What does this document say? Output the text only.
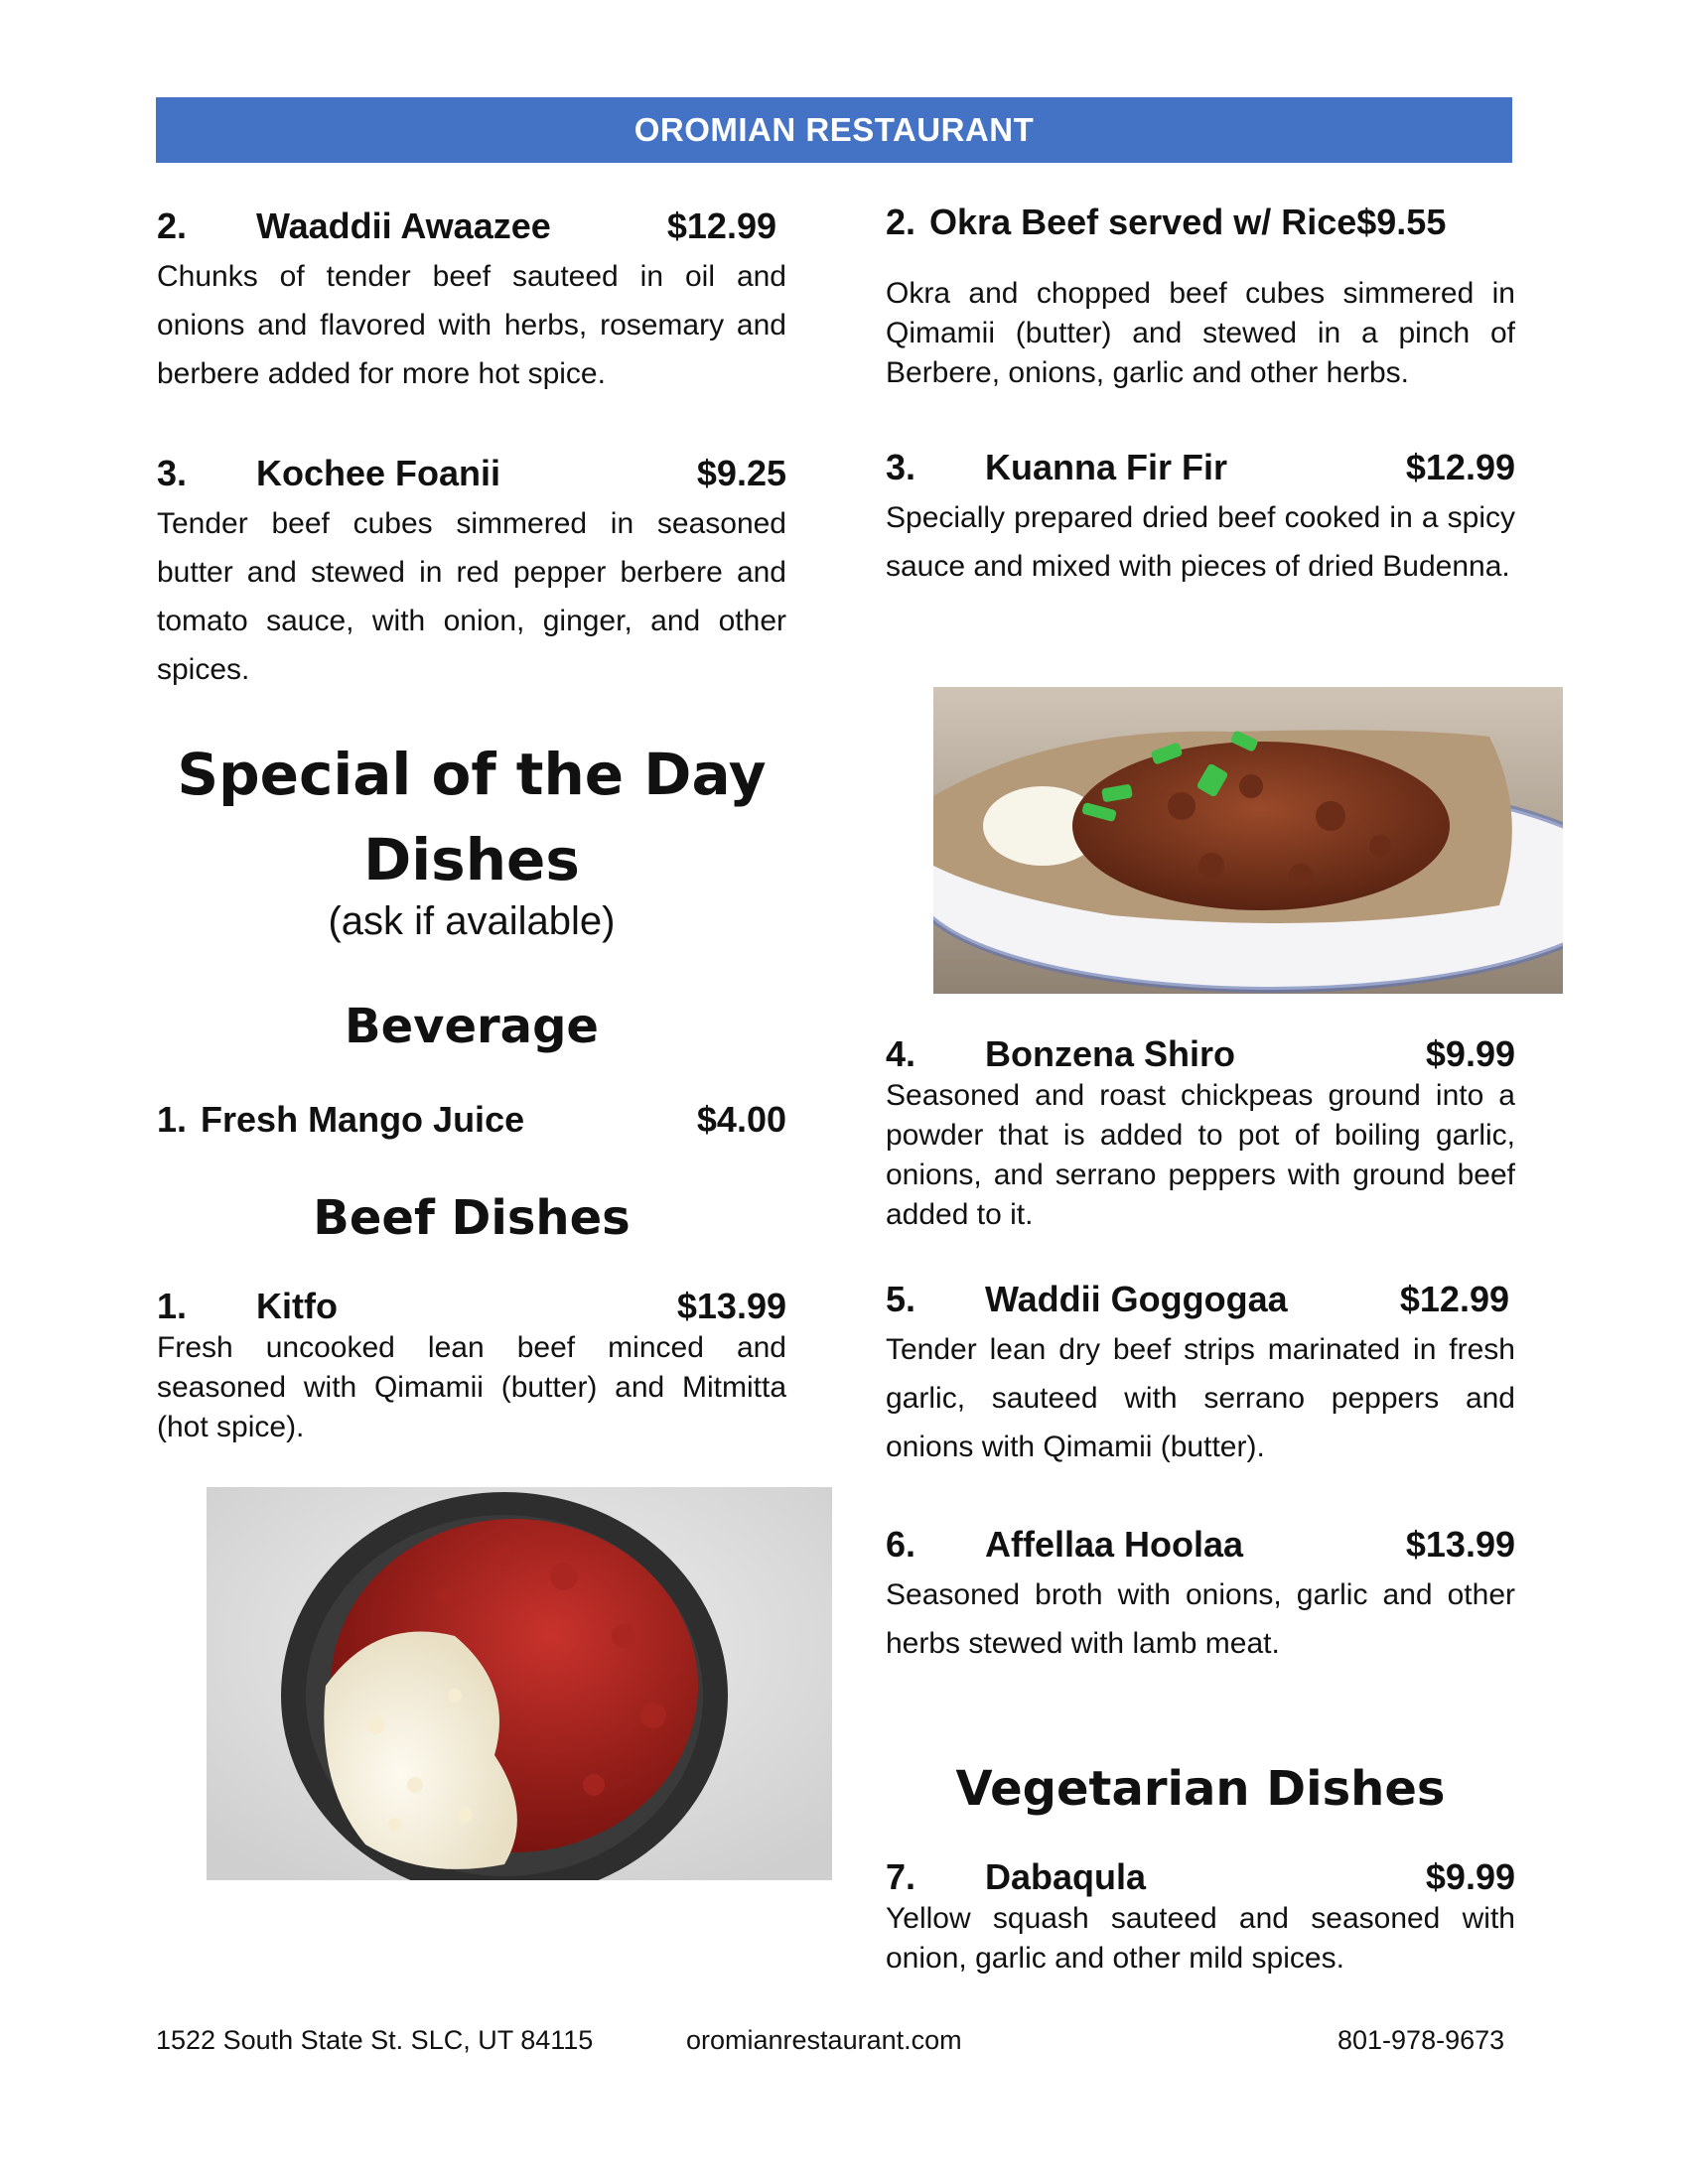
OROMIAN RESTAURANT
2.	Waaddii Awaazee	$12.99

Chunks of tender beef sauteed in oil and onions and flavored with herbs, rosemary and berbere added for more hot spice.

3.	Kochee Foanii	$9.25

Tender beef cubes simmered in seasoned butter and stewed in red pepper berbere and tomato sauce, with onion, ginger, and other spices.

Special of the Day
Dishes
(ask if available)
Beverage
1. Fresh Mango Juice	$4.00
Beef Dishes
1.	Kitfo	$13.99

Fresh uncooked lean beef minced and seasoned with Qimamii (butter) and Mitmitta (hot spice).

2. Okra Beef served w/ Rice $9.55

Okra and chopped beef cubes simmered in Qimamii (butter) and stewed in a pinch of Berbere, onions, garlic and other herbs.

3.	Kuanna Fir Fir	$12.99

Specially prepared dried beef cooked in a spicy sauce and mixed with pieces of dried Budenna.

4.	Bonzena Shiro	$9.99

Seasoned and roast chickpeas ground into a powder that is added to pot of boiling garlic, onions, and serrano peppers with ground beef added to it.

5.	Waddii Goggogaa	$12.99

Tender lean dry beef strips marinated in fresh garlic, sauteed with serrano peppers and onions with Qimamii (butter).

6.	Affellaa Hoolaa	$13.99

Seasoned broth with onions, garlic and other herbs stewed with lamb meat.

Vegetarian Dishes
7.	Dabaqula	$9.99

Yellow squash sauteed and seasoned with onion, garlic and other mild spices.

1522 South State St. SLC, UT 84115	oromianrestaurant.com	801-978-9673
